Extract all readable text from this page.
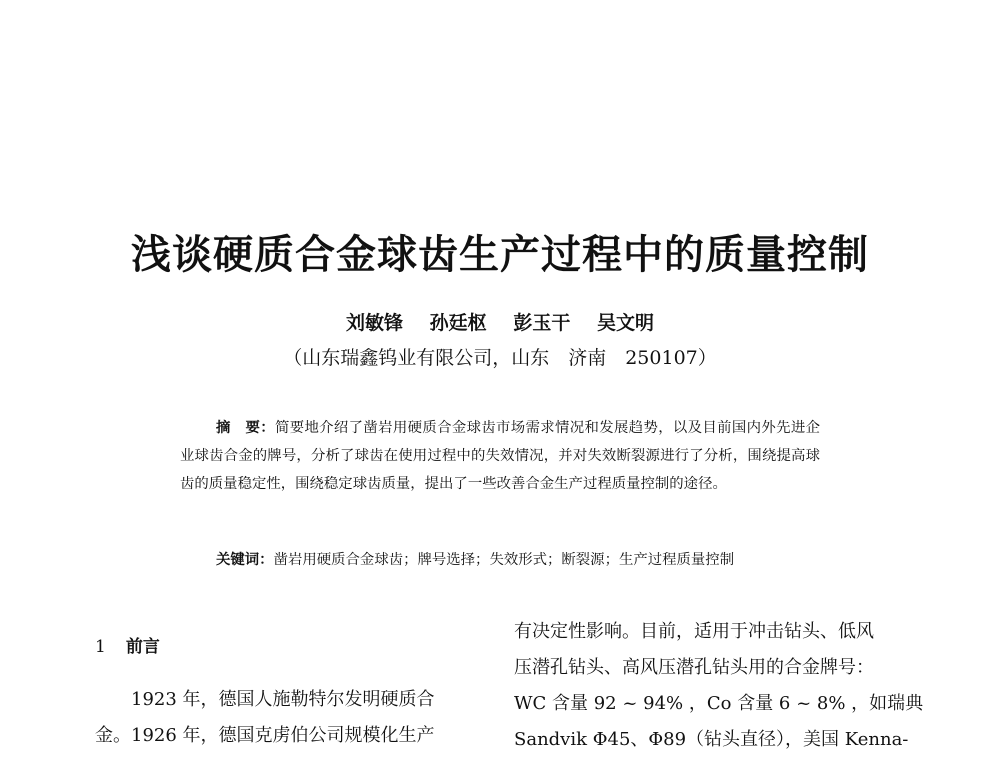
浅谈硬质合金球齿生产过程中的质量控制
刘敏锋 孙廷枢 彭玉干 吴文明
（山东瑞鑫钨业有限公司，山东　济南　250107）

摘　要：简要地介绍了凿岩用硬质合金球齿市场需求情况和发展趋势，以及目前国内外先进企业球齿合金的牌号，分析了球齿在使用过程中的失效情况，并对失效断裂源进行了分析，围绕提高球齿的质量稳定性，围绕稳定球齿质量，提出了一些改善合金生产过程质量控制的途径。

关键词：凿岩用硬质合金球齿；牌号选择；失效形式；断裂源；生产过程质量控制
1 前言
1923 年，德国人施勒特尔发明硬质合
金。1926 年，德国克虏伯公司规模化生产
有决定性影响。目前，适用于冲击钻头、低风
压潜孔钻头、高风压潜孔钻头用的合金牌号：
WC 含量 92 ~ 94% ，Co 含量 6 ~ 8% ，如瑞典
Sandvik Φ45、Φ89（钻头直径），美国 Kenna-
